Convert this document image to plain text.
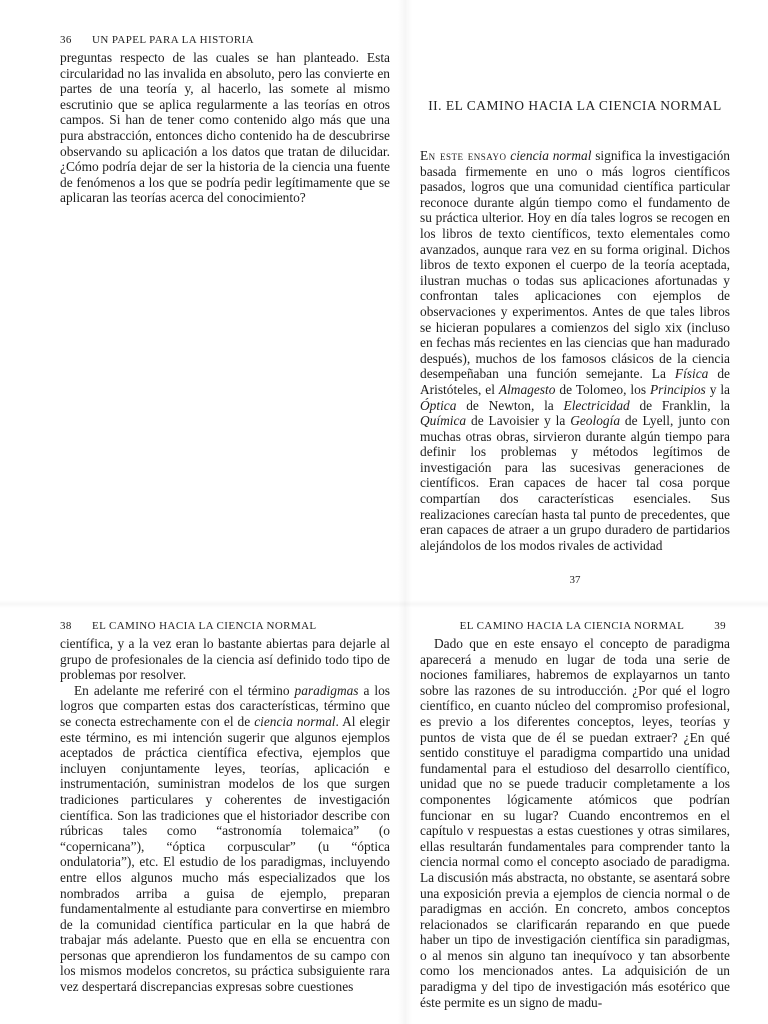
36 UN PAPEL PARA LA HISTORIA

preguntas respecto de las cuales se han planteado. Esta circularidad no las invalida en absoluto, pero las convierte en partes de una teoría y, al hacerlo, las somete al mismo escrutinio que se aplica regularmente a las teorías en otros campos. Si han de tener como contenido algo más que una pura abstracción, entonces dicho contenido ha de descubrirse observando su aplicación a los datos que tratan de dilucidar. ¿Cómo podría dejar de ser la historia de la ciencia una fuente de fenómenos a los que se podría pedir legítimamente que se aplicaran las teorías acerca del conocimiento?

II. EL CAMINO HACIA LA CIENCIA NORMAL

En este ensayo ciencia normal significa la investigación basada firmemente en uno o más logros científicos pasados, logros que una comunidad científica particular reconoce durante algún tiempo como el fundamento de su práctica ulterior. Hoy en día tales logros se recogen en los libros de texto científicos, texto elementales como avanzados, aunque rara vez en su forma original. Dichos libros de texto exponen el cuerpo de la teoría aceptada, ilustran muchas o todas sus aplicaciones afortunadas y confrontan tales aplicaciones con ejemplos de observaciones y experimentos. Antes de que tales libros se hicieran populares a comienzos del siglo xix (incluso en fechas más recientes en las ciencias que han madurado después), muchos de los famosos clásicos de la ciencia desempeñaban una función semejante. La Física de Aristóteles, el Almagesto de Tolomeo, los Principios y la Óptica de Newton, la Electricidad de Franklin, la Química de Lavoisier y la Geología de Lyell, junto con muchas otras obras, sirvieron durante algún tiempo para definir los problemas y métodos legítimos de investigación para las sucesivas generaciones de científicos. Eran capaces de hacer tal cosa porque compartían dos características esenciales. Sus realizaciones carecían hasta tal punto de precedentes, que eran capaces de atraer a un grupo duradero de partidarios alejándolos de los modos rivales de actividad

37
38 EL CAMINO HACIA LA CIENCIA NORMAL

científica, y a la vez eran lo bastante abiertas para dejarle al grupo de profesionales de la ciencia así definido todo tipo de problemas por resolver.

En adelante me referiré con el término paradigmas a los logros que comparten estas dos características, término que se conecta estrechamente con el de ciencia normal. Al elegir este término, es mi intención sugerir que algunos ejemplos aceptados de práctica científica efectiva, ejemplos que incluyen conjuntamente leyes, teorías, aplicación e instrumentación, suministran modelos de los que surgen tradiciones particulares y coherentes de investigación científica. Son las tradiciones que el historiador describe con rúbricas tales como “astronomía tolemaica” (o “copernicana”), “óptica corpuscular” (u “óptica ondulatoria”), etc. El estudio de los paradigmas, incluyendo entre ellos algunos mucho más especializados que los nombrados arriba a guisa de ejemplo, preparan fundamentalmente al estudiante para convertirse en miembro de la comunidad científica particular en la que habrá de trabajar más adelante. Puesto que en ella se encuentra con personas que aprendieron los fundamentos de su campo con los mismos modelos concretos, su práctica subsiguiente rara vez despertará discrepancias expresas sobre cuestiones

EL CAMINO HACIA LA CIENCIA NORMAL	39

Dado que en este ensayo el concepto de paradigma aparecerá a menudo en lugar de toda una serie de nociones familiares, habremos de explayarnos un tanto sobre las razones de su introducción. ¿Por qué el logro científico, en cuanto núcleo del compromiso profesional, es previo a los diferentes conceptos, leyes, teorías y puntos de vista que de él se puedan extraer? ¿En qué sentido constituye el paradigma compartido una unidad fundamental para el estudioso del desarrollo científico, unidad que no se puede traducir completamente a los componentes lógicamente atómicos que podrían funcionar en su lugar? Cuando encontremos en el capítulo v respuestas a estas cuestiones y otras similares, ellas resultarán fundamentales para comprender tanto la ciencia normal como el concepto asociado de paradigma. La discusión más abstracta, no obstante, se asentará sobre una exposición previa a ejemplos de ciencia normal o de paradigmas en acción. En concreto, ambos conceptos relacionados se clarificarán reparando en que puede haber un tipo de investigación científica sin paradigmas, o al menos sin alguno tan inequívoco y tan absorbente como los mencionados antes. La adquisición de un paradigma y del tipo de investigación más esotérico que éste permite es un signo de madu-
